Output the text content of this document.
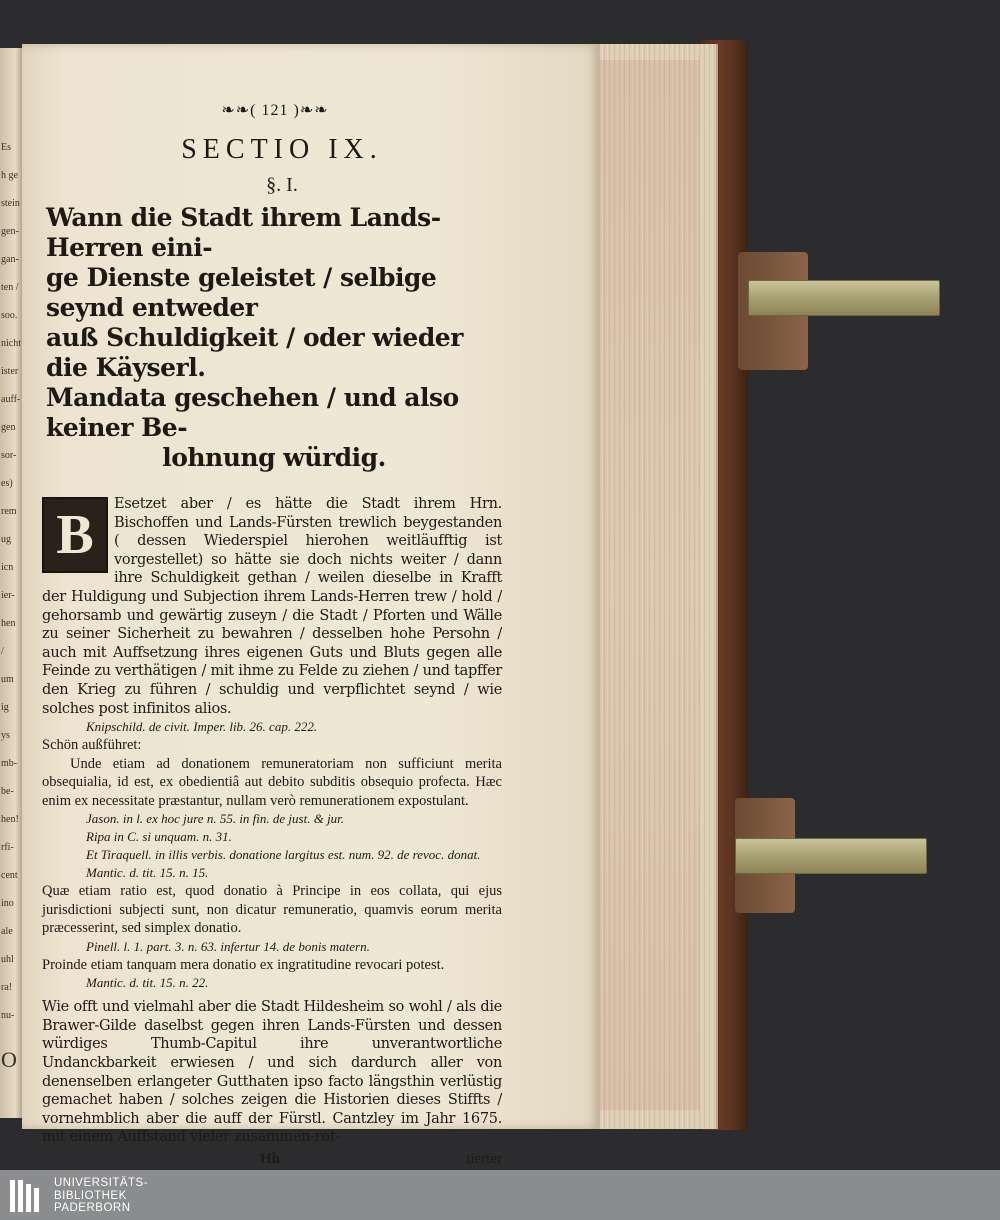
Es
h ge
stein
gen-
gan-
ten /
soo.
nicht
ister
auff-
gen
sor-
es)
rem
ug
icn
ier-
hen
/
um
ig
ys
mb-
be-
hen!
rfi-
cent
ino
ale
uhl
ra!
nu-
O
❧❧( 121 )❧❧
SECTIO IX.
§. I.
Wann die Stadt ihrem Lands-Herren eini-
ge Dienste geleistet / selbige seynd entweder
auß Schuldigkeit / oder wieder die Käyserl.
Mandata geschehen / und also keiner Be-

lohnung würdig.
B	Esetzet aber / es hätte die Stadt ihrem Hrn. Bischoffen und Lands-Fürsten trewlich beygestanden ( dessen Wiederspiel hierohen weitläufftig ist vorgestellet) so hätte sie doch nichts weiter / dann ihre Schuldigkeit gethan / weilen dieselbe in Krafft der Huldigung und Subjection ihrem Lands-Herren trew / hold / gehorsamb und gewärtig zuseyn / die Stadt / Pforten und Wälle zu seiner Sicherheit zu bewahren / desselben hohe Persohn / auch mit Auffsetzung ihres eigenen Guts und Bluts gegen alle Feinde zu verthätigen / mit ihme zu Felde zu ziehen / und tapffer den Krieg zu führen / schuldig und verpflichtet seynd / wie solches post infinitos alios.
Knipschild. de civit. Imper. lib. 26. cap. 222.
Schön außführet:
Unde etiam ad donationem remuneratoriam non sufficiunt merita obsequialia, id est, ex obedientiâ aut debito subditis obsequio profecta. Hæc enim ex necessitate præstantur, nullam verò remunerationem expostulant.
Jason. in l. ex hoc jure n. 55. in fin. de just. & jur.
Ripa in C. si unquam. n. 31.
Et Tiraquell. in illis verbis. donatione largitus est. num. 92. de revoc. donat.
Mantic. d. tit. 15. n. 15.
Quæ etiam ratio est, quod donatio à Principe in eos collata, qui ejus jurisdictioni subjecti sunt, non dicatur remuneratio, quamvis eorum merita præcesserint, sed simplex donatio.
Pinell. l. 1. part. 3. n. 63. infertur 14. de bonis matern.
Proinde etiam tanquam mera donatio ex ingratitudine revocari potest.
Mantic. d. tit. 15. n. 22.
Wie offt und vielmahl aber die Stadt Hildesheim so wohl / als die Brawer-Gilde daselbst gegen ihren Lands-Fürsten und dessen würdiges Thumb-Capitul ihre unverantwortliche Undanckbarkeit erwiesen / und sich dardurch aller von denenselben erlangeter Gutthaten ipso facto längsthin verlüstig gemachet haben / solches zeigen die Historien dieses Stiffts / vornehmblich aber die auff der Fürstl. Cantzley im Jahr 1675. mit einem Auffstand vieler zusammen-rot-
Hh	tierter
UNIVERSITÄTS-
BIBLIOTHEK
PADERBORN
